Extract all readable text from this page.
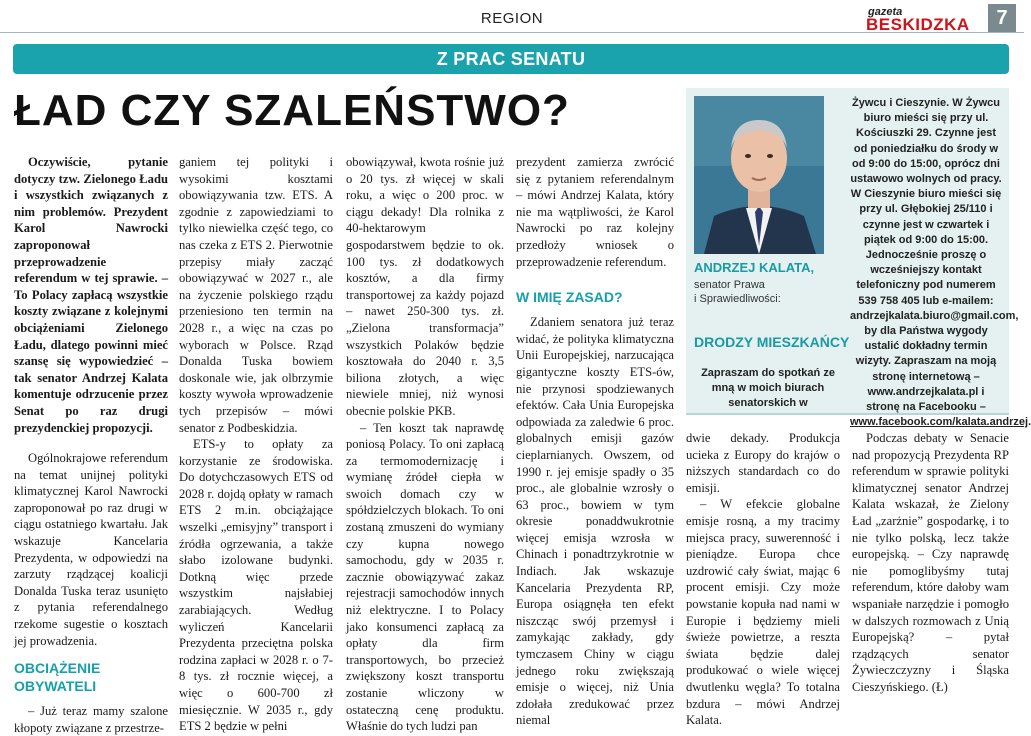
REGION	gazeta
BESKIDZKA	7
Z PRAC SENATU
ŁAD CZY SZALEŃSTWO?

Oczywiście, pytanie dotyczy tzw. Zielonego Ładu i wszystkich związanych z nim problemów. Prezydent Karol Nawrocki zaproponował przeprowadzenie referendum w tej sprawie. – To Polacy zapłacą wszystkie koszty związane z kolejnymi obciążeniami Zielonego Ładu, dlatego powinni mieć szansę się wypowiedzieć – tak senator Andrzej Kalata komentuje odrzucenie przez Senat po raz drugi prezydenckiej propozycji.

Ogólnokrajowe referendum na temat unijnej polityki klimatycznej Karol Nawrocki zaproponował po raz drugi w ciągu ostatniego kwartału. Jak wskazuje Kancelaria Prezydenta, w odpowiedzi na zarzuty rządzącej koalicji Donalda Tuska teraz usunięto z pytania referendalnego rzekome sugestie o kosztach jej prowadzenia.

OBCIĄŻENIE OBYWATELI

– Już teraz mamy szalone kłopoty związane z przestrze-

ganiem tej polityki i wysokimi kosztami obowiązywania tzw. ETS. A zgodnie z zapowiedziami to tylko niewielka część tego, co nas czeka z ETS 2. Pierwotnie przepisy miały zacząć obowiązywać w 2027 r., ale na życzenie polskiego rządu przeniesiono ten termin na 2028 r., a więc na czas po wyborach w Polsce. Rząd Donalda Tuska bowiem doskonale wie, jak olbrzymie koszty wywoła wprowadzenie tych przepisów – mówi senator z Podbeskidzia.

ETS-y to opłaty za korzystanie ze środowiska. Do dotychczasowych ETS od 2028 r. dojdą opłaty w ramach ETS 2 m.in. obciążające wszelki „emisyjny” transport i źródła ogrzewania, a także słabo izolowane budynki. Dotkną więc przede wszystkim najsłabiej zarabiających. Według wyliczeń Kancelarii Prezydenta przeciętna polska rodzina zapłaci w 2028 r. o 7-8 tys. zł rocznie więcej, a więc o 600-700 zł miesięcznie. W 2035 r., gdy ETS 2 będzie w pełni

obowiązywał, kwota rośnie już o 20 tys. zł więcej w skali roku, a więc o 200 proc. w ciągu dekady! Dla rolnika z 40-hektarowym gospodarstwem będzie to ok. 100 tys. zł dodatkowych kosztów, a dla firmy transportowej za każdy pojazd – nawet 250-300 tys. zł. „Zielona transformacja” wszystkich Polaków będzie kosztowała do 2040 r. 3,5 biliona złotych, a więc niewiele mniej, niż wynosi obecnie polskie PKB.

– Ten koszt tak naprawdę poniosą Polacy. To oni zapłacą za termomodernizację i wymianę źródeł ciepła w swoich domach czy w spółdzielczych blokach. To oni zostaną zmuszeni do wymiany czy kupna nowego samochodu, gdy w 2035 r. zacznie obowiązywać zakaz rejestracji samochodów innych niż elektryczne. I to Polacy jako konsumenci zapłacą za opłaty dla firm transportowych, bo przecież zwiększony koszt transportu zostanie wliczony w ostateczną cenę produktu. Właśnie do tych ludzi pan

prezydent zamierza zwrócić się z pytaniem referendalnym – mówi Andrzej Kalata, który nie ma wątpliwości, że Karol Nawrocki po raz kolejny przedłoży wniosek o przeprowadzenie referendum.

W IMIĘ ZASAD?

Zdaniem senatora już teraz widać, że polityka klimatyczna Unii Europejskiej, narzucająca gigantyczne koszty ETS-ów, nie przynosi spodziewanych efektów. Cała Unia Europejska odpowiada za zaledwie 6 proc. globalnych emisji gazów cieplarnianych. Owszem, od 1990 r. jej emisje spadły o 35 proc., ale globalnie wzrosły o 63 proc., bowiem w tym okresie ponaddwukrotnie więcej emisja wzrosła w Chinach i ponadtrzykrotnie w Indiach. Jak wskazuje Kancelaria Prezydenta RP, Europa osiągnęła ten efekt niszcząc swój przemysł i zamykając zakłady, gdy tymczasem Chiny w ciągu jednego roku zwiększają emisje o więcej, niż Unia zdołała zredukować przez niemal

dwie dekady. Produkcja ucieka z Europy do krajów o niższych standardach co do emisji.

– W efekcie globalne emisje rosną, a my tracimy miejsca pracy, suwerenność i pieniądze. Europa chce uzdrowić cały świat, mając 6 procent emisji. Czy może powstanie kopuła nad nami w Europie i będziemy mieli świeże powietrze, a reszta świata będzie dalej produkować o wiele więcej dwutlenku węgla? To totalna bzdura – mówi Andrzej Kalata.

Podczas debaty w Senacie nad propozycją Prezydenta RP referendum w sprawie polityki klimatycznej senator Andrzej Kalata wskazał, że Zielony Ład „zarżnie” gospodarkę, i to nie tylko polską, lecz także europejską. – Czy naprawdę nie pomoglibyśmy tutaj referendum, które dałoby wam wspaniałe narzędzie i pomogło w dalszych rozmowach z Unią Europejską? – pytał rządzących senator Żywieczczyzny i Śląska Cieszyńskiego. (Ł)

ANDRZEJ KALATA,
senator Prawa
i Sprawiedliwości:
DRODZY MIESZKAŃCY
Zapraszam do spotkań ze mną w moich biurach senatorskich w
Żywcu i Cieszynie. W Żywcu biuro mieści się przy ul. Kościuszki 29. Czynne jest od poniedziałku do środy w od 9:00 do 15:00, oprócz dni ustawowo wolnych od pracy. W Cieszynie biuro mieści się przy ul. Głębokiej 25/110 i czynne jest w czwartek i piątek od 9:00 do 15:00. Jednocześnie proszę o wcześniejszy kontakt telefoniczny pod numerem 539 758 405 lub e-mailem: andrzejkalata.biuro@gmail.com, by dla Państwa wygody ustalić dokładny termin wizyty. Zapraszam na moją stronę internetową – www.andrzejkalata.pl i stronę na Facebooku – www.facebook.com/kalata.andrzej.
